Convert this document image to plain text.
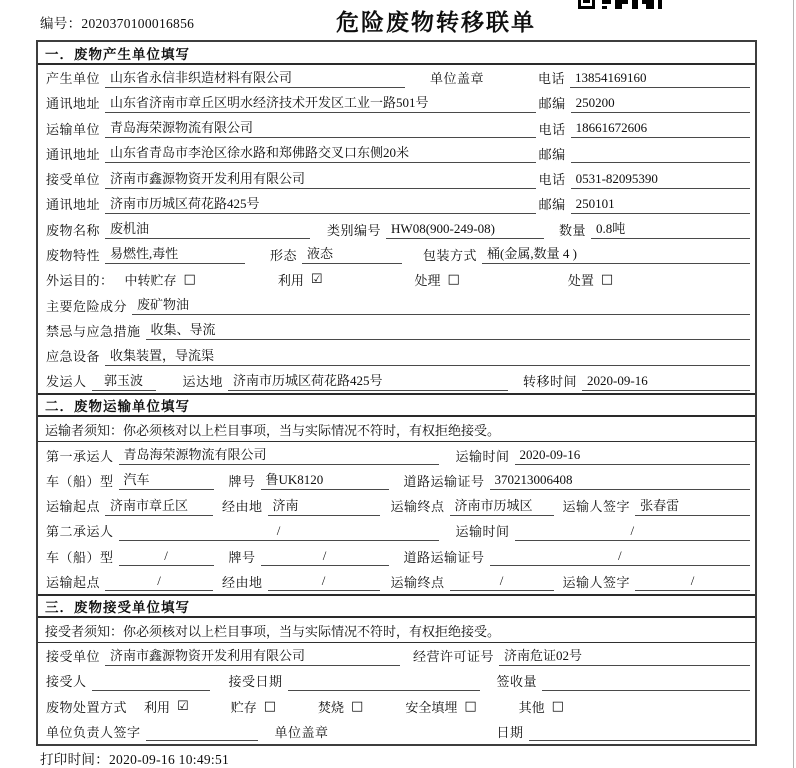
编号：2020370100016856	危险废物转移联单
一．废物产生单位填写
产生单位 山东省永信非织造材料有限公司	单位盖章	电话 13854169160
通讯地址 山东省济南市章丘区明水经济技术开发区工业一路501号	邮编 250200
运输单位 青岛海荣源物流有限公司	电话 18661672606
通讯地址 山东省青岛市李沧区徐水路和郑佛路交叉口东侧20米	邮编
接受单位 济南市鑫源物资开发利用有限公司	电话 0531-82095390
通讯地址 济南市历城区荷花路425号	邮编 250101
废物名称 废机油	类别编号 HW08(900-249-08)	数量 0.8吨
废物特性 易燃性,毒性	形态 液态	包装方式 桶(金属,数量 4 )
外运目的： 中转贮存 □	利用 ☑	处理 □	处置 □
主要危险成分 废矿物油
禁忌与应急措施 收集、导流
应急设备 收集装置，导流渠
发运人	郭玉波	运达地 济南市历城区荷花路425号	转移时间 2020-09-16
二．废物运输单位填写
运输者须知：你必须核对以上栏目事项，当与实际情况不符时，有权拒绝接受。
第一承运人 青岛海荣源物流有限公司	运输时间 2020-09-16
车（船）型 汽车	牌号 鲁UK8120	道路运输证号 370213006408
运输起点 济南市章丘区	经由地 济南	运输终点 济南市历城区	运输人签字 张春雷
第二承运人	/	运输时间	/
车（船）型	/	牌号	/	道路运输证号	/
运输起点	/	经由地	/	运输终点	/	运输人签字	/
三．废物接受单位填写
接受者须知：你必须核对以上栏目事项，当与实际情况不符时，有权拒绝接受。
接受单位 济南市鑫源物资开发利用有限公司	经营许可证号 济南危证02号
接受人	接受日期	签收量
废物处置方式	利用 ☑	贮存 □	焚烧 □	安全填埋 □	其他 □
单位负责人签字	单位盖章	日期
打印时间：2020-09-16 10:49:51
